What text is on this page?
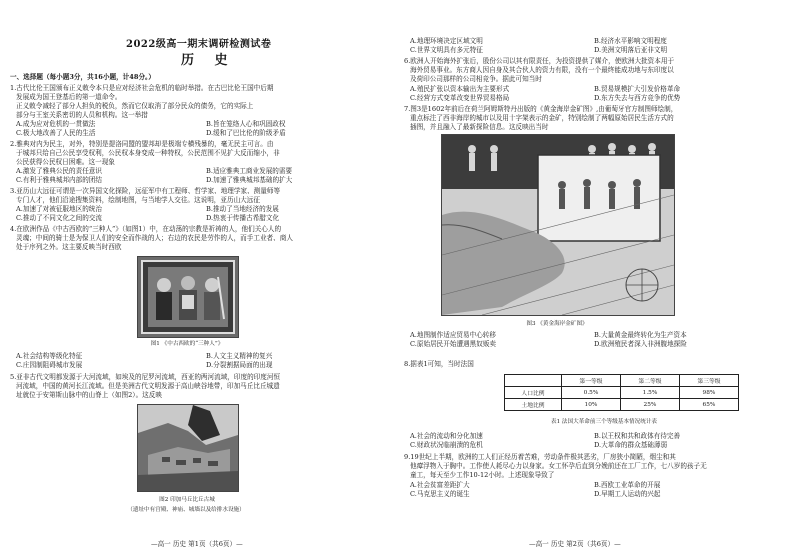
2022级高一期末调研检测试卷
历 史
一、选择题（每小题3分，共16小题，计48分。）
1.古代比伦王国颁布正义敕令本只是应对经济社会危机的临时举措。在古巴比伦王国中后期
发展成为国王登基后的第一道命令。
正义敕令减轻了部分人担负的税负，然而它仅取消了部分民众的债务，它的实际上
部分与王室关系密切的人员和机构。这一举措
A.成为应对危机的一贯做法	B.旨在笼络人心和巩固政权
C.极大地改善了人民的生活	D.缓和了巴比伦的阶级矛盾
2.雅典对内为民主，对外，特别是提洛同盟的盟邦却是极端专横残暴的，毫无民主可言。由
于城邦只给自己公民享受权利，公民权本身变成一种特权，公民范围不见扩大反而缩小，非
公民获得公民权日困难。这一现象
A.激发了雅典公民的责任意识	B.适应雅典工商业发展的需要
C.有利于雅典城邦内部的团结	D.加速了雅典城邦基础的扩大
3.亚历山大远征可谓是一次异国文化探险，远征军中有工程师、哲学家、地理学家、测量师等
专门人才，他们沿途搜集资料，绘制地图，与当地学人交往。这说明，亚历山大远征
A.加速了对被征服地区的统治	B.推动了当地经济的发展
C.推动了不同文化之间的交流	D.热衷于传播古希腊文化
4.在欧洲作品《中古西欧的“三种人”》（如图1）中，在动荡的宗教是祈祷的人，他们关心人的
灵魂；中间的骑士是为保卫人们的安全而作战的人；右边的农民是劳作的人，而手工业者、商人
处于序列之外。这主要反映当时西欧
图1 《中古西欧的“三种人”》
A.社会结构等级化特征	B.人文主义精神的复兴
C.庄园制阻碍城市发展	D.分裂割据局面的出现
5.亚非古代文明都发源于大河流域，如埃及的尼罗河流域，西亚的两河流域，印度的印度河恒
河流域，中国的黄河长江流域。但是美洲古代文明发源于高山峡谷地带，印加马丘比丘城遗
址就位于安第斯山脉中的山脊上（如图2）。这反映
图2 印加马丘比丘古城
（遗址中有宫殿、神庙、城墙以及给排水设施）
—高一 历史 第1页（共6页）—
A.地理环境决定区域文明	B.经济水平影响文明程度
C.世界文明具有多元特征	D.美洲文明落后亚非文明
6.欧洲人开始海外扩张后，股份公司以其有限责任，为投资提供了媒介，使欧洲大批资本用于
海外贸易事业。东方商人因自身及其合伙人的资力有限，没有一个最终能成功地与东印度以
及荷印公司那样的公司相竞争。据此可知当时
A.殖民扩张以资本输出为主要形式	B.贸易规模扩大引发价格革命
C.经营方式变革改变世界贸易格局	D.东方失去与西方竞争的优势
7.图3是1602年前后在荷兰阿姆斯特丹出版的《黄金海岸金矿图》,由葡萄牙官方制图师绘制，
重点标注了西非海岸的城市以及用十字架表示的金矿，特别绘制了两幅原始居民生活方式的
插图，并且融入了最新探险信息。这反映出当时
图3 《黄金海岸金矿图》
A.地图制作适应贸易中心转移	B.大量黄金最终转化为生产资本
C.原始居民开始遭遇黑奴贩卖	D.欧洲殖民者深入非洲腹地探险
8.据表1可知，当时法国
	第一等级	第二等级	第三等级
人口比例	0.5%	1.5%	98%
土地比例	10%	25%	65%
表1 法国大革命前三个等级基本情况统计表
A.社会的流动和分化加速	B.以王权和共和政体有待完善
C.财政状况临崩溃的危机	D.大革命的群众基础薄弱
9.19世纪上半期，欧洲的工人们正经历着苦难，劳动条件极其恶劣，厂房狭小简陋，烟尘和其
他瘴浮物入于胸中。工作使人耗尽心力以身家。女工怀孕后直到分娩前还在工厂工作，七八岁的孩子无
童工，每天至少工作10-12小时。上述现象导致了
A.社会贫富差距扩大	B.西欧工业革命的开展
C.马克思主义的诞生	D.早期工人运动的兴起
—高一 历史 第2页（共6页）—
